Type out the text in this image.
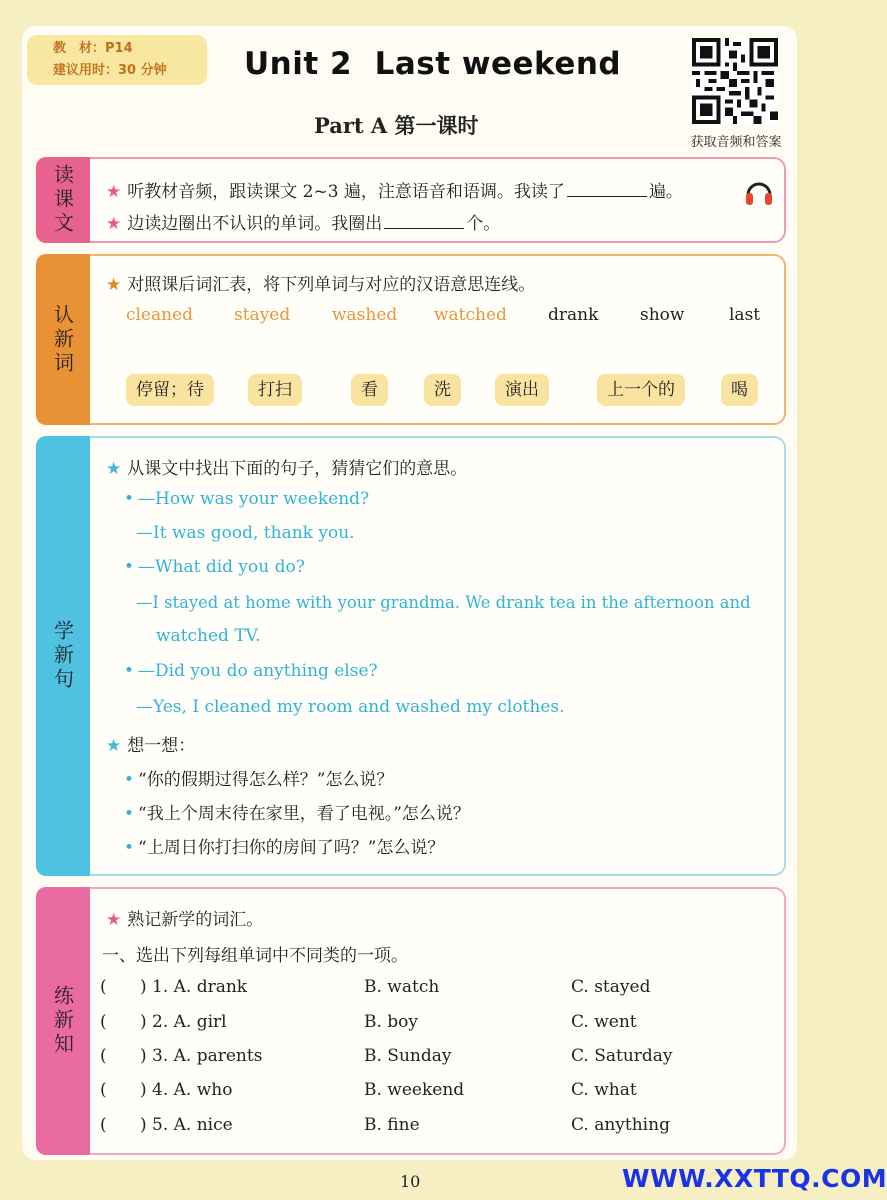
教　材：P14
建议用时：30 分钟	Unit 2  Last weekend
Part A 第一课时
获取音频和答案
读课文 ★ 听教材音频，跟读课文 2~3 遍，注意语音和语调。我读了	遍。
★ 边读边圈出不认识的单词。我圈出	个。
认新词
★ 对照课后词汇表，将下列单词与对应的汉语意思连线。
cleaned stayed washed watched drank show	last
停留；待	打扫	看	洗	演出	上一个的	喝
学新句
★ 从课文中找出下面的句子，猜猜它们的意思。
• —How was your weekend?
—It was good, thank you.
• —What did you do?
—I stayed at home with your grandma. We drank tea in the afternoon and
watched TV.
• —Did you do anything else?
—Yes, I cleaned my room and washed my clothes.
★ 想一想：
• “你的假期过得怎么样？”怎么说？
• “我上个周末待在家里，看了电视。”怎么说？
• “上周日你打扫你的房间了吗？”怎么说？
练新知
★ 熟记新学的词汇。
一、选出下列每组单词中不同类的一项。
( ) 1. A. drank	B. watch	C. stayed
( ) 2. A. girl	B. boy	C. went
( ) 3. A. parents	B. Sunday	C. Saturday
( ) 4. A. who	B. weekend	C. what
( ) 5. A. nice	B. fine	C. anything
10	WWW.XXTTQ.COM
